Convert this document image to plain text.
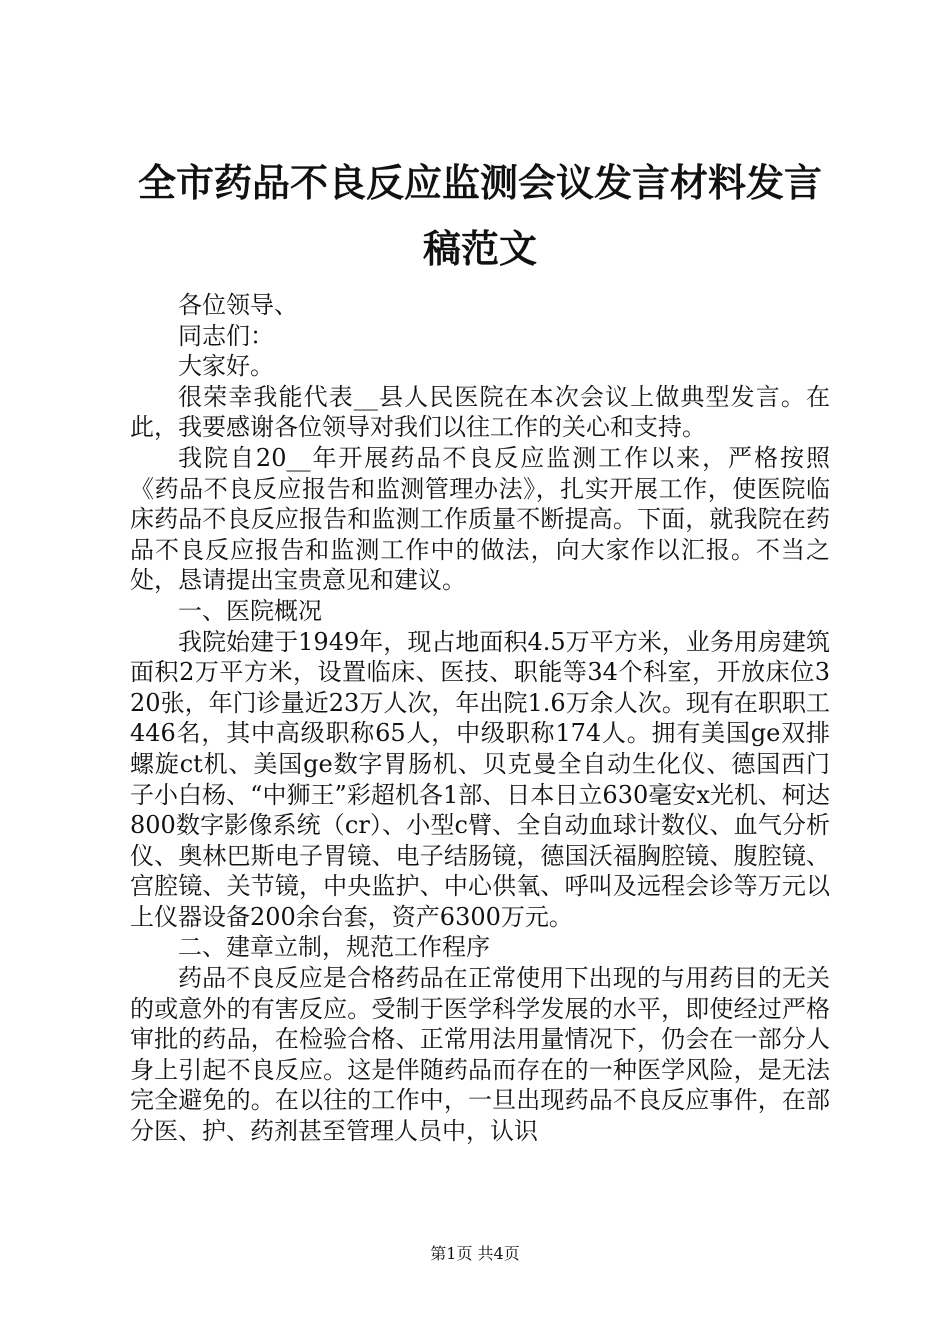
全市药品不良反应监测会议发言材料发言稿范文

各位领导、

同志们：

大家好。

很荣幸我能代表__县人民医院在本次会议上做典型发言。在此，我要感谢各位领导对我们以往工作的关心和支持。

我院自20__年开展药品不良反应监测工作以来，严格按照《药品不良反应报告和监测管理办法》，扎实开展工作，使医院临床药品不良反应报告和监测工作质量不断提高。下面，就我院在药品不良反应报告和监测工作中的做法，向大家作以汇报。不当之处，恳请提出宝贵意见和建议。

一、医院概况

我院始建于1949年，现占地面积4.5万平方米，业务用房建筑面积2万平方米，设置临床、医技、职能等34个科室，开放床位320张，年门诊量近23万人次，年出院1.6万余人次。现有在职职工446名，其中高级职称65人，中级职称174人。拥有美国ge双排螺旋ct机、美国ge数字胃肠机、贝克曼全自动生化仪、德国西门子小白杨、“中狮王”彩超机各1部、日本日立630毫安x光机、柯达800数字影像系统（cr）、小型c臂、全自动血球计数仪、血气分析仪、奥林巴斯电子胃镜、电子结肠镜，德国沃福胸腔镜、腹腔镜、宫腔镜、关节镜，中央监护、中心供氧、呼叫及远程会诊等万元以上仪器设备200余台套，资产6300万元。

二、建章立制，规范工作程序

药品不良反应是合格药品在正常使用下出现的与用药目的无关的或意外的有害反应。受制于医学科学发展的水平，即使经过严格审批的药品，在检验合格、正常用法用量情况下，仍会在一部分人身上引起不良反应。这是伴随药品而存在的一种医学风险，是无法完全避免的。在以往的工作中，一旦出现药品不良反应事件，在部分医、护、药剂甚至管理人员中，认识

第1页 共4页
